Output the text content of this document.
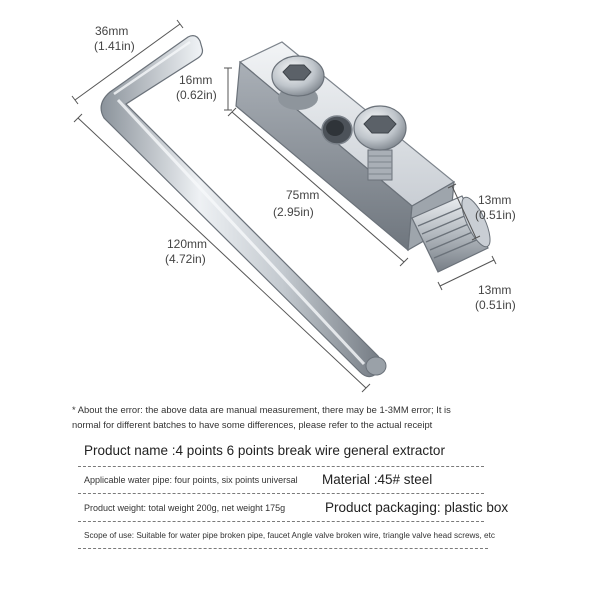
36mm
(1.41in)
120mm
(4.72in)
16mm
(0.62in)
75mm
(2.95in)
13mm
(0.51in)
13mm
(0.51in)
* About the error: the above data are manual measurement, there may be 1-3MM error; It is
normal for different batches to have some differences, please refer to the actual receipt
Product name :4 points 6 points break wire general extractor
Applicable water pipe: four points, six points universal Material :45# steel
Product weight: total weight 200g, net weight 175g	Product packaging: plastic box
Scope of use: Suitable for water pipe broken pipe, faucet Angle valve broken wire, triangle valve head screws, etc
